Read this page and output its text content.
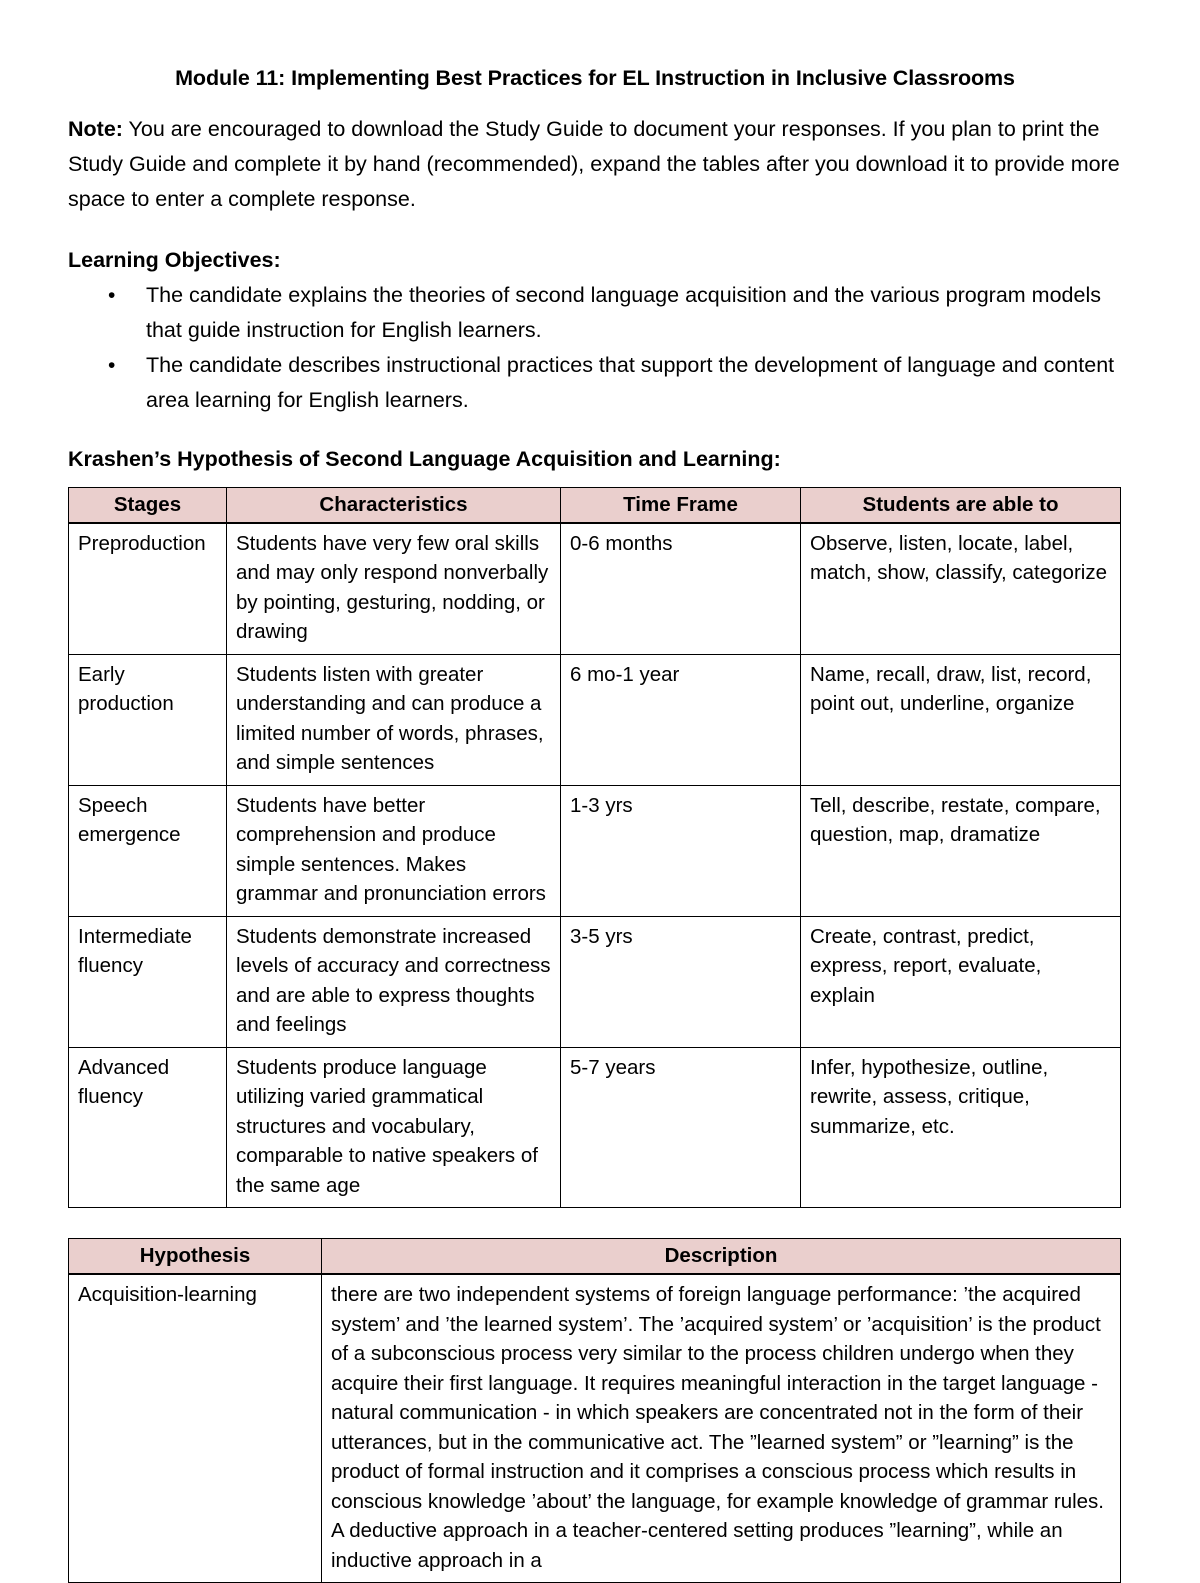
Module 11: Implementing Best Practices for EL Instruction in Inclusive Classrooms
Note: You are encouraged to download the Study Guide to document your responses. If you plan to print the Study Guide and complete it by hand (recommended), expand the tables after you download it to provide more space to enter a complete response.
Learning Objectives:
• The candidate explains the theories of second language acquisition and the various program models that guide instruction for English learners.
• The candidate describes instructional practices that support the development of language and content area learning for English learners.
Krashen’s Hypothesis of Second Language Acquisition and Learning:
Stages	Characteristics	Time Frame	Students are able to
Preproduction	Students have very few oral skills and may only respond nonverbally by pointing, gesturing, nodding, or drawing	0-6 months	Observe, listen, locate, label, match, show, classify, categorize
Early production	Students listen with greater understanding and can produce a limited number of words, phrases, and simple sentences	6 mo-1 year	Name, recall, draw, list, record, point out, underline, organize
Speech emergence	Students have better comprehension and produce simple sentences. Makes grammar and pronunciation errors	1-3 yrs	Tell, describe, restate, compare, question, map, dramatize
Intermediate fluency	Students demonstrate increased levels of accuracy and correctness and are able to express thoughts and feelings	3-5 yrs	Create, contrast, predict, express, report, evaluate, explain
Advanced fluency	Students produce language utilizing varied grammatical structures and vocabulary, comparable to native speakers of the same age	5-7 years	Infer, hypothesize, outline, rewrite, assess, critique, summarize, etc.
Hypothesis	Description
Acquisition-learning	there are two independent systems of foreign language performance: ’the acquired system’ and ’the learned system’. The ’acquired system’ or ’acquisition’ is the product of a subconscious process very similar to the process children undergo when they acquire their first language. It requires meaningful interaction in the target language - natural communication - in which speakers are concentrated not in the form of their utterances, but in the communicative act. The ”learned system” or ”learning” is the product of formal instruction and it comprises a conscious process which results in conscious knowledge ’about’ the language, for example knowledge of grammar rules. A deductive approach in a teacher-centered setting produces ”learning”, while an inductive approach in a
